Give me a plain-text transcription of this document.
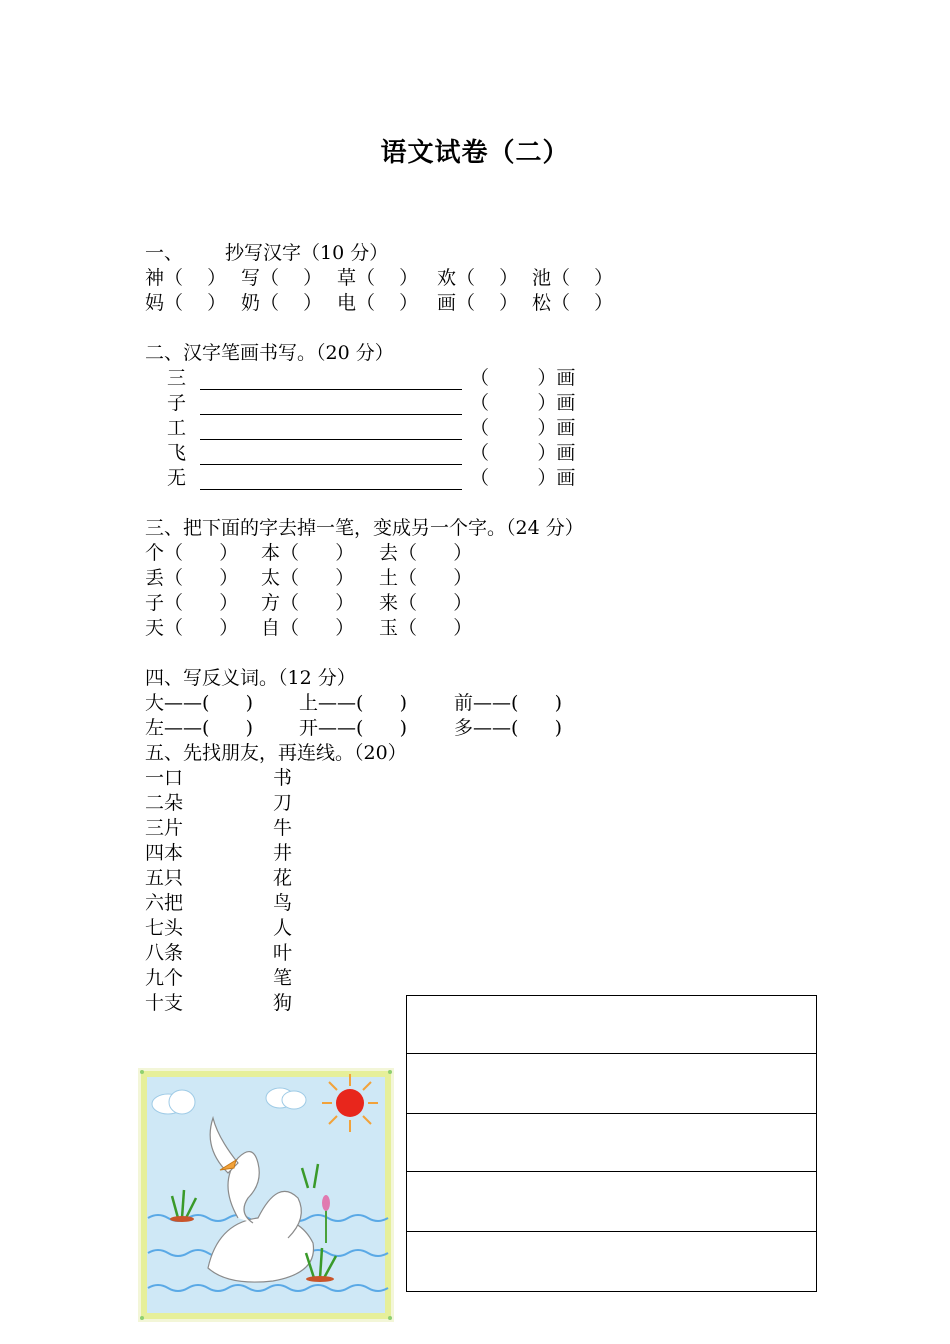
语文试卷（二）
一、 抄写汉字（10 分）
神（    ） 写（    ） 草（    ） 欢（    ） 池（    ）
妈（    ） 奶（    ） 电（    ） 画（    ） 松（    ）
二、汉字笔画书写。（20 分）
三	（        ）画
子	（        ）画
工	（        ）画
飞	（        ）画
无	（        ）画
三、把下面的字去掉一笔，变成另一个字。（24 分）
个（      ）	本（      ）	去（      ）
丢（      ）	太（      ）	土（      ）
子（      ）	方（      ）	来（      ）
天（      ）	自（      ）	玉（      ）
四、写反义词。（12 分）
大——(      )	上——(      )	前——(      )
左——(      )	开——(      )	多——(      )
五、先找朋友，再连线。（20）
一口	书
二朵	刀
三片	牛
四本	井
五只	花
六把	鸟
七头	人
八条	叶
九个	笔
十支	狗
